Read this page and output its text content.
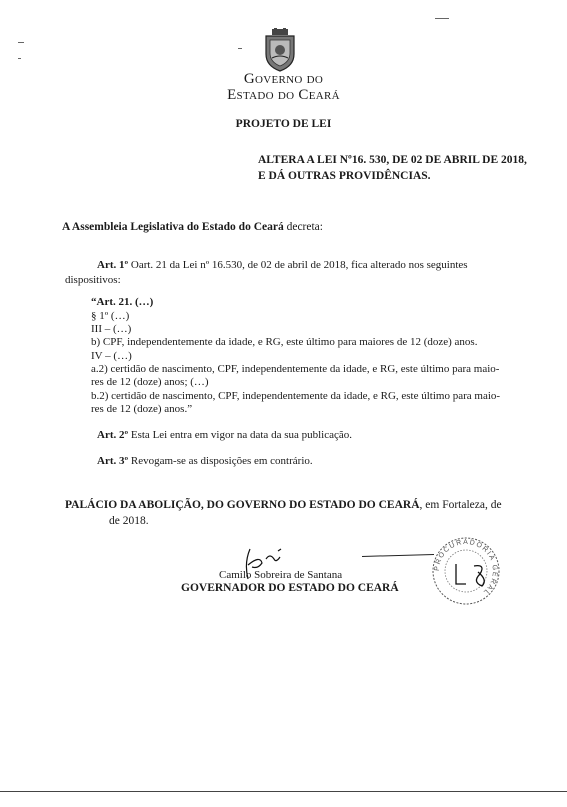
Governo do
Estado do Ceará
PROJETO DE LEI
ALTERA A LEI Nº16. 530, DE 02 DE ABRIL DE 2018, E DÁ OUTRAS PROVIDÊNCIAS.
A Assembleia Legislativa do Estado do Ceará decreta:
Art. 1º Oart. 21 da Lei nº 16.530, de 02 de abril de 2018, fica alterado nos seguintes dispositivos:
“Art. 21. (…)
§ 1º (…)
III – (…)
b) CPF, independentemente da idade, e RG, este último para maiores de 12 (doze) anos.
IV – (…)
a.2) certidão de nascimento, CPF, independentemente da idade, e RG, este último para maio-
res de 12 (doze) anos; (…)
b.2) certidão de nascimento, CPF, independentemente da idade, e RG, este último para maio-
res de 12 (doze) anos.”
Art. 2º Esta Lei entra em vigor na data da sua publicação.
Art. 3º Revogam-se as disposições em contrário.
PALÁCIO DA ABOLIÇÃO, DO GOVERNO DO ESTADO DO CEARÁ, em Fortaleza, de
de 2018.
Camilo Sobreira de Santana
GOVERNADOR DO ESTADO DO CEARÁ
PROCURADORIA GERAL
